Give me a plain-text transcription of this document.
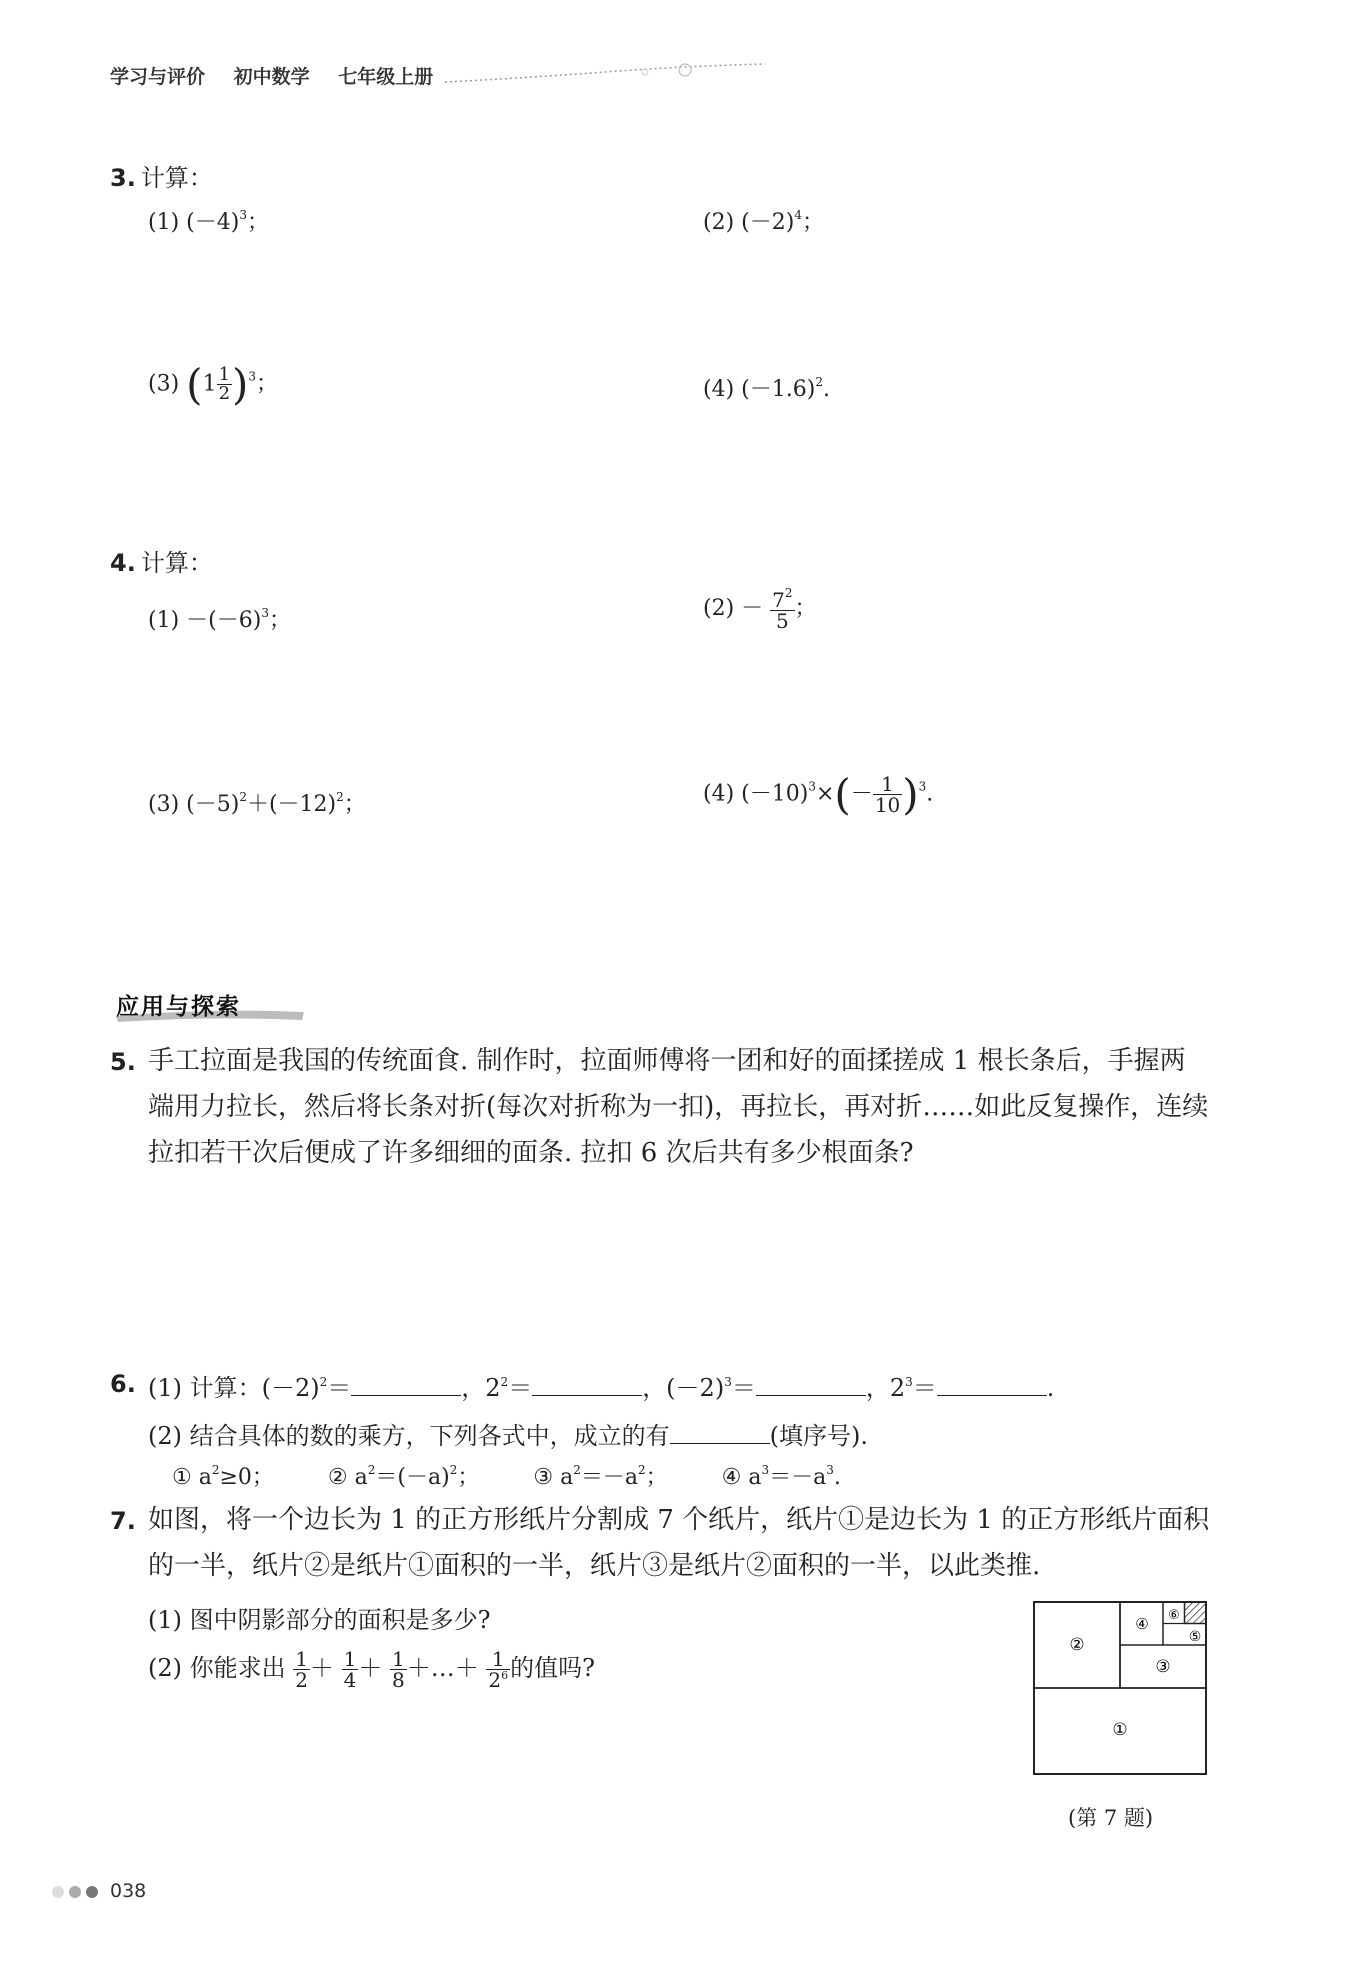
学习与评价 初中数学 七年级上册
3. 计算：
(1) $(-4)^3$；	(2) $(-2)^4$；
(3) $(1 \frac{1}{2} )^3$；	(4) $(-1.6)^2$.
4. 计算：
$(1) -(-6)^3$；	$(2) - \frac{7^2}{5}$ ；
(3) $(-5)^2+(-12)^2$；	(4) $(-10)^3\times(- \frac{1}{10} )^3$.
应用与探索
5. 手工拉面是我国的传统面食. 制作时，拉面师傅将一团和好的面揉搓成 1 根长条后，手握两
端用力拉长，然后将长条对折(每次对折称为一扣)，再拉长，再对折……如此反复操作，连续
拉扣若干次后便成了许多细细的面条. 拉扣 6 次后共有多少根面条?
6. (1) 计算：$(-2)^2=$	，$2^2=$	，$(-2)^3=$	，$2^3=$	.
(2) 结合具体的数的乘方，下列各式中，成立的有	(填序号).
① $a^2\ge 0$； ② $a^2=(-a)^2$； ③ $a^2=-a^2$； ④ $a^3=-a^3$.
7. 如图，将一个边长为 1 的正方形纸片分割成 7 个纸片，纸片①是边长为 1 的正方形纸片面积
的一半，纸片②是纸片①面积的一半，纸片③是纸片②面积的一半，以此类推.
(1) 图中阴影部分的面积是多少?
(2) 你能求出 $\frac{1}{2} + \frac{1}{4} + \frac{1}{8}$ ＋…＋ $\frac{1}{2^6}$ 的值吗?
①
②
③
④
⑤
⑥
(第 7 题)
038
